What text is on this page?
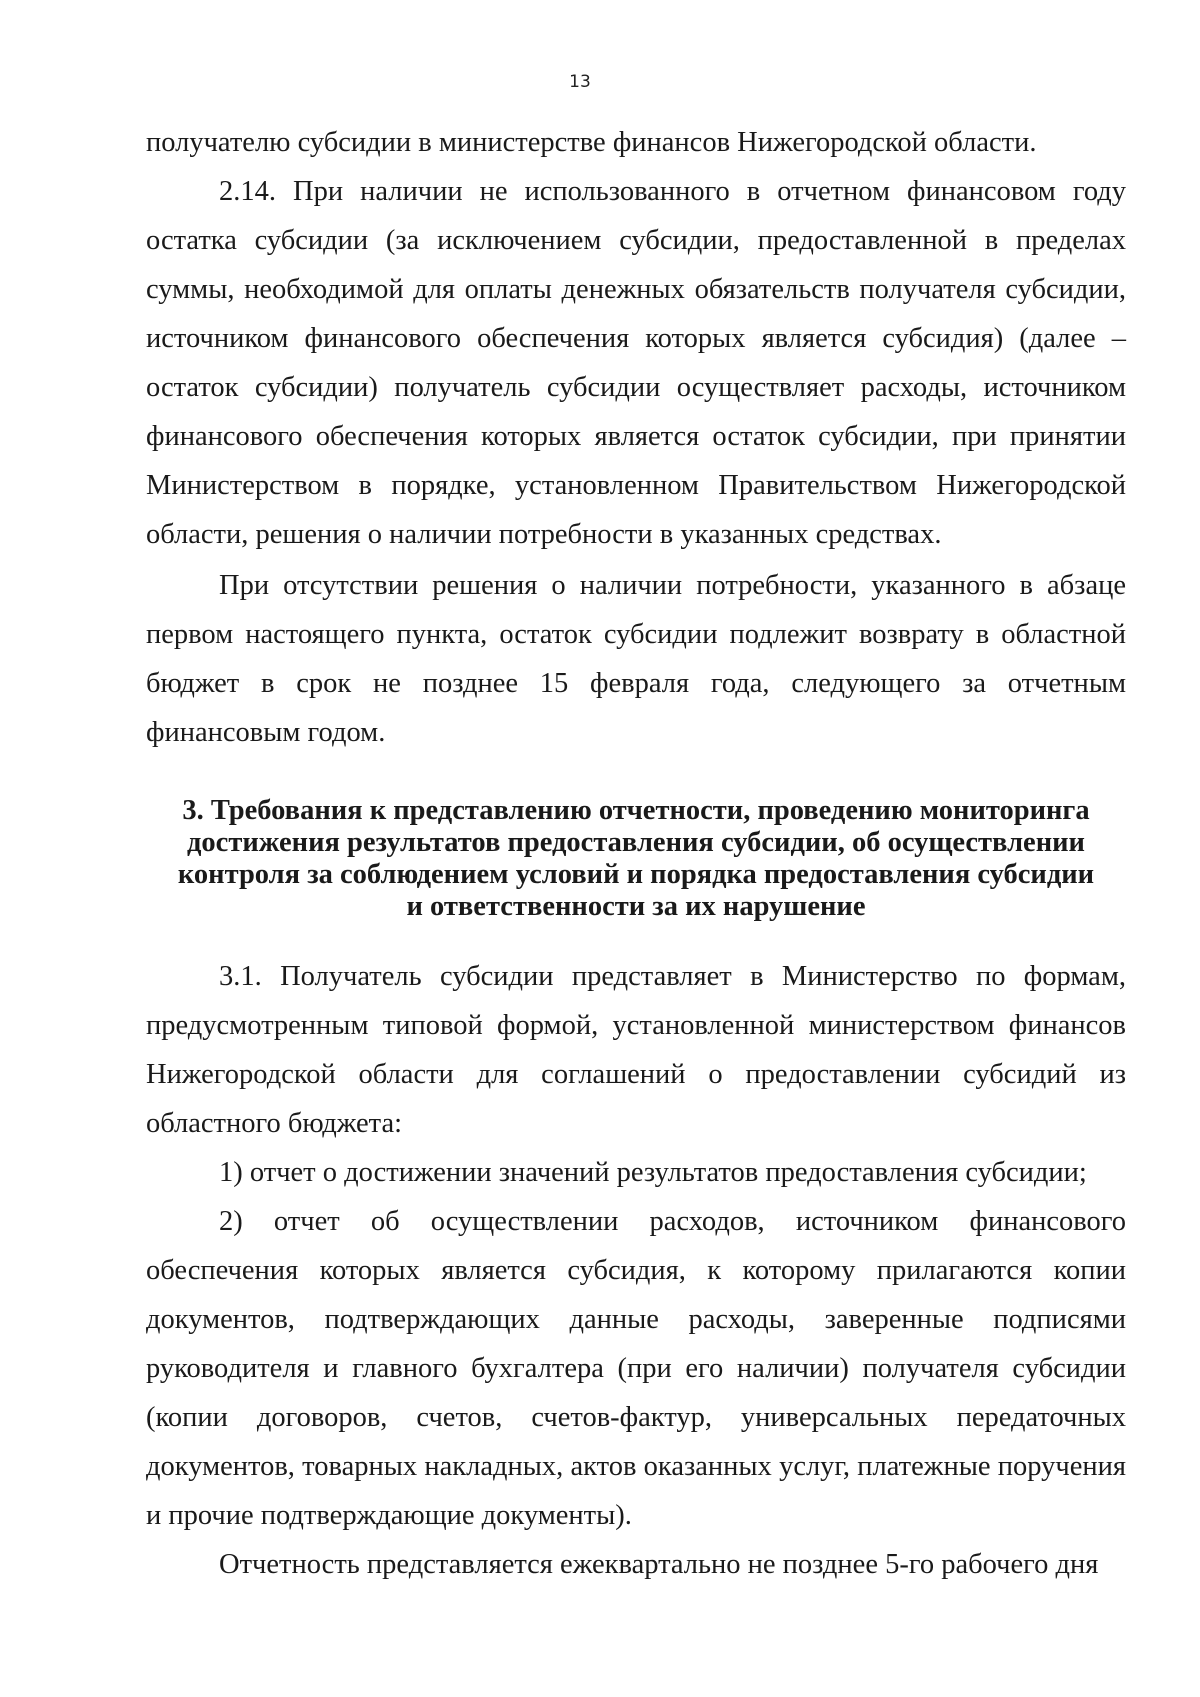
13

получателю субсидии в министерстве финансов Нижегородской области.

2.14. При наличии не использованного в отчетном финансовом году остатка субсидии (за исключением субсидии, предоставленной в пределах суммы, необходимой для оплаты денежных обязательств получателя субсидии, источником финансового обеспечения которых является субсидия) (далее – остаток субсидии) получатель субсидии осуществляет расходы, источником финансового обеспечения которых является остаток субсидии, при принятии Министерством в порядке, установленном Правительством Нижегородской области, решения о наличии потребности в указанных средствах.

При отсутствии решения о наличии потребности, указанного в абзаце первом настоящего пункта, остаток субсидии подлежит возврату в областной бюджет в срок не позднее 15 февраля года, следующего за отчетным финансовым годом.

3. Требования к представлению отчетности, проведению мониторинга
достижения результатов предоставления субсидии, об осуществлении
контроля за соблюдением условий и порядка предоставления субсидии
и ответственности за их нарушение

3.1. Получатель субсидии представляет в Министерство по формам, предусмотренным типовой формой, установленной министерством финансов Нижегородской области для соглашений о предоставлении субсидий из областного бюджета:

1) отчет о достижении значений результатов предоставления субсидии;

2) отчет об осуществлении расходов, источником финансового обеспечения которых является субсидия, к которому прилагаются копии документов, подтверждающих данные расходы, заверенные подписями руководителя и главного бухгалтера (при его наличии) получателя субсидии (копии договоров, счетов, счетов-фактур, универсальных передаточных документов, товарных накладных, актов оказанных услуг, платежные поручения и прочие подтверждающие документы).

Отчетность представляется ежеквартально не позднее 5-го рабочего дня
